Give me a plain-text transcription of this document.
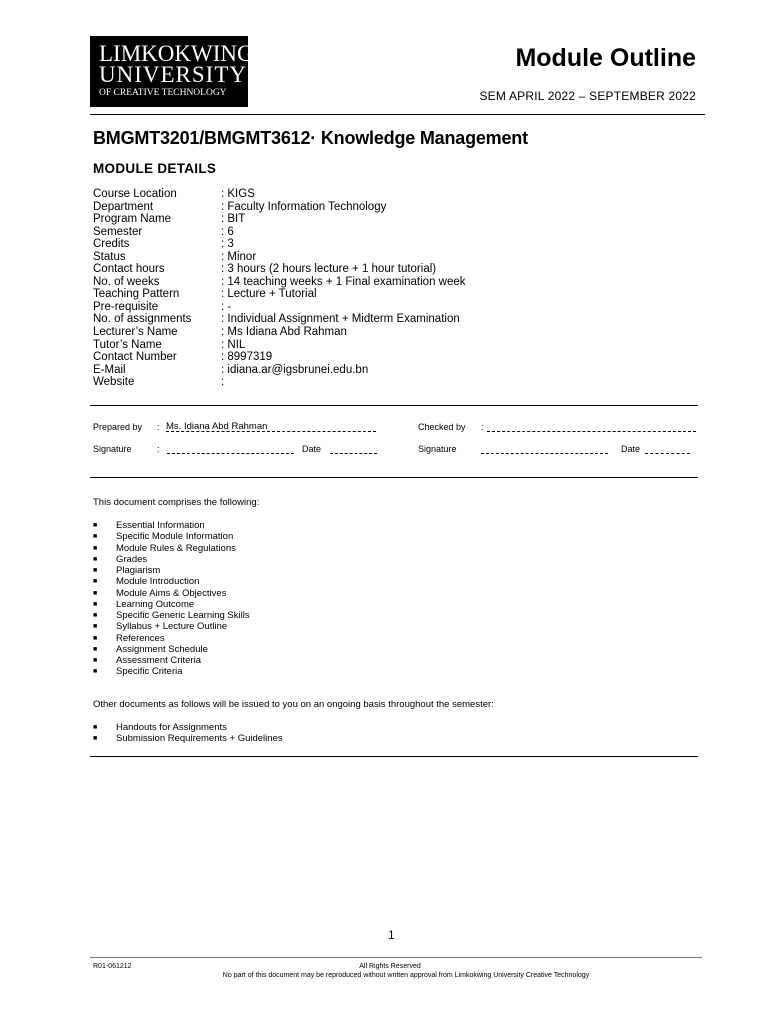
LIMKOKWING
UNIVERSITY
OF CREATIVE TECHNOLOGY
Module Outline
SEM APRIL 2022 – SEPTEMBER 2022
BMGMT3201/BMGMT3612· Knowledge Management
MODULE DETAILS
Course Location	: KIGS
Department	: Faculty Information Technology
Program Name	: BIT
Semester	: 6
Credits	: 3
Status	: Minor
Contact hours	: 3 hours (2 hours lecture + 1 hour tutorial)
No. of weeks	: 14 teaching weeks + 1 Final examination week
Teaching Pattern	: Lecture + Tutorial
Pre-requisite	: -
No. of assignments	: Individual Assignment + Midterm Examination
Lecturer’s Name	: Ms Idiana Abd Rahman
Tutor’s Name	: NIL
Contact Number	: 8997319
E-Mail	: idiana.ar@igsbrunei.edu.bn
Website	:
Prepared by : Ms. Idiana Abd Rahman	Checked by :
Signature	:	Date	Signature	Date
This document comprises the following:
■ Essential Information
■ Specific Module Information
■ Module Rules & Regulations
■ Grades
■ Plagiarism
■ Module Introduction
■ Module Aims & Objectives
■ Learning Outcome
■ Specific Generic Learning Skills
■ Syllabus + Lecture Outline
■ References
■ Assignment Schedule
■ Assessment Criteria
■ Specific Criteria
Other documents as follows will be issued to you on an ongoing basis throughout the semester:
■ Handouts for Assignments
■ Submission Requirements + Guidelines
1
R01-061212	All Rights Reserved
No part of this document may be reproduced without written approval from Limkokwing University Creative Technology
